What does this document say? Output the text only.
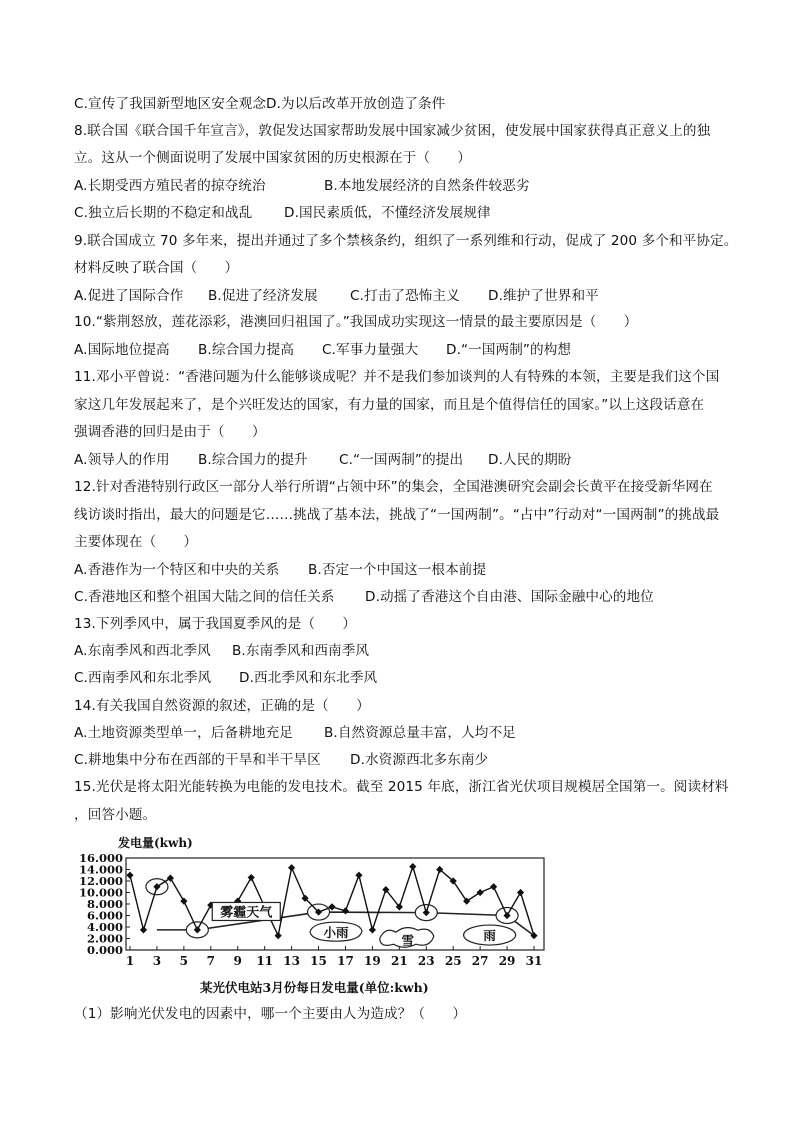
C.宣传了我国新型地区安全观念D.为以后改革开放创造了条件
8.联合国《联合国千年宣言》，敦促发达国家帮助发展中国家减少贫困，使发展中国家获得真正意义上的独
立。这从一个侧面说明了发展中国家贫困的历史根源在于（　　）
A.长期受西方殖民者的掠夺统治	B.本地发展经济的自然条件较恶劣
C.独立后长期的不稳定和战乱 D.国民素质低，不懂经济发展规律
9.联合国成立 70 多年来，提出并通过了多个禁核条约，组织了一系列维和行动，促成了 200 多个和平协定。
材料反映了联合国（　　）
A.促进了国际合作 B.促进了经济发展 C.打击了恐怖主义 D.维护了世界和平
10.“紫荆怒放，莲花添彩，港澳回归祖国了。”我国成功实现这一情景的最主要原因是（　　）
A.国际地位提高 B.综合国力提高 C.军事力量强大 D.“一国两制”的构想
11.邓小平曾说：“香港问题为什么能够谈成呢？并不是我们参加谈判的人有特殊的本领，主要是我们这个国
家这几年发展起来了，是个兴旺发达的国家，有力量的国家，而且是个值得信任的国家。”以上这段话意在
强调香港的回归是由于（　　）
A.领导人的作用 B.综合国力的提升 C.“一国两制”的提出 D.人民的期盼
12.针对香港特别行政区一部分人举行所谓“占领中环”的集会，全国港澳研究会副会长黄平在接受新华网在
线访谈时指出，最大的问题是它……挑战了基本法，挑战了“一国两制”。“占中”行动对“一国两制”的挑战最
主要体现在（　　）
A.香港作为一个特区和中央的关系 B.否定一个中国这一根本前提
C.香港地区和整个祖国大陆之间的信任关系 D.动摇了香港这个自由港、国际金融中心的地位
13.下列季风中，属于我国夏季风的是（　　）
A.东南季风和西北季风 B.东南季风和西南季风
C.西南季风和东北季风 D.西北季风和东北季风
14.有关我国自然资源的叙述，正确的是（　　）
A.土地资源类型单一，后备耕地充足 B.自然资源总量丰富，人均不足
C.耕地集中分布在西部的干旱和半干旱区 D.水资源西北多东南少
15.光伏是将太阳光能转换为电能的发电技术。截至 2015 年底，浙江省光伏项目规模居全国第一。阅读材料
，回答小题。
（1）影响光伏发电的因素中，哪一个主要由人为造成？（　　）
发电量(kwh)
0.000
2.000
4.000
6.000
8.000
10.000
12.000
14.000
16.000
1 3 5 7 9 11 13 15 17 19 21 23 25 27 29 31
雾霾天气
小雨
雪	雨
某光伏电站3月份每日发电量(单位:kwh)
